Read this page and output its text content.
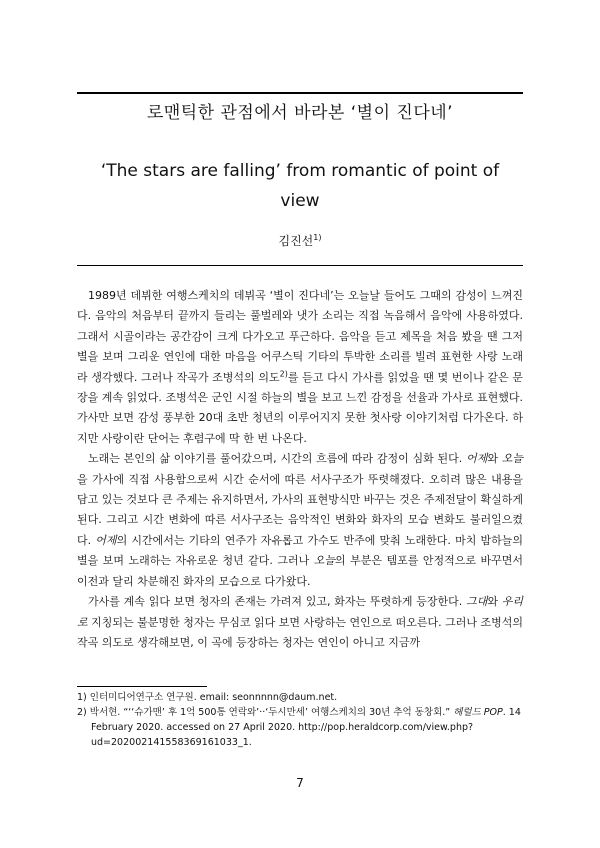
로맨틱한 관점에서 바라본 ‘별이 진다네’
‘The stars are falling’ from romantic of point of view
김진선$^{1)}$

1989년 데뷔한 여행스케치의 데뷔곡 ‘별이 진다네’는 오늘날 들어도 그때의 감성이 느껴진다. 음악의 처음부터 끝까지 들리는 풀벌레와 냇가 소리는 직접 녹음해서 음악에 사용하였다. 그래서 시골이라는 공간감이 크게 다가오고 푸근하다. 음악을 듣고 제목을 처음 봤을 땐 그저 별을 보며 그리운 연인에 대한 마음을 어쿠스틱 기타의 투박한 소리를 빌려 표현한 사랑 노래라 생각했다. 그러나 작곡가 조병석의 의도$^{2)}$를 듣고 다시 가사를 읽었을 땐 몇 번이나 같은 문장을 계속 읽었다. 조병석은 군인 시절 하늘의 별을 보고 느낀 감정을 선율과 가사로 표현했다. 가사만 보면 감성 풍부한 20대 초반 청년의 이루어지지 못한 첫사랑 이야기처럼 다가온다. 하지만 사랑이란 단어는 후렴구에 딱 한 번 나온다.

노래는 본인의 삶 이야기를 풀어갔으며, 시간의 흐름에 따라 감정이 심화 된다. 어제와 오늘을 가사에 직접 사용함으로써 시간 순서에 따른 서사구조가 뚜렷해졌다. 오히려 많은 내용을 담고 있는 것보다 큰 주제는 유지하면서, 가사의 표현방식만 바꾸는 것은 주제전달이 확실하게 된다. 그리고 시간 변화에 따른 서사구조는 음악적인 변화와 화자의 모습 변화도 불러일으켰다. 어제의 시간에서는 기타의 연주가 자유롭고 가수도 반주에 맞춰 노래한다. 마치 밤하늘의 별을 보며 노래하는 자유로운 청년 같다. 그러나 오늘의 부분은 템포를 안정적으로 바꾸면서 이전과 달리 차분해진 화자의 모습으로 다가왔다.

가사를 계속 읽다 보면 청자의 존재는 가려져 있고, 화자는 뚜렷하게 등장한다. 그대와 우리로 지칭되는 불분명한 청자는 무심코 읽다 보면 사랑하는 연인으로 떠오른다. 그러나 조병석의 작곡 의도로 생각해보면, 이 곡에 등장하는 청자는 연인이 아니고 지금까

1) 인터미디어연구소 연구원. email: seonnnnn@daum.net.
2) 박서현. “‘‘슈가맨’ 후 1억 500통 연락와’··‘두시만세’ 여행스케치의 30년 추억 동창회.” 헤럴드 POP. 14 February 2020. accessed on 27 April 2020. http://pop.heraldcorp.com/view.php?ud=202002141558369161033_1.
7
